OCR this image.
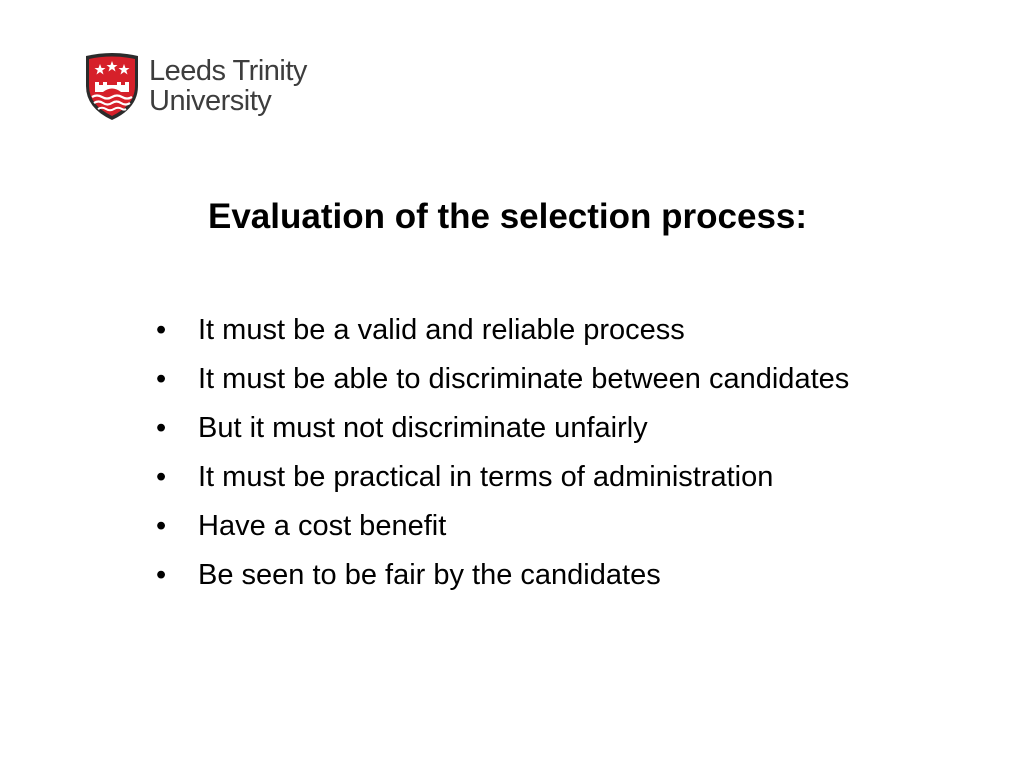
Leeds Trinity
University
Evaluation of the selection process:
•	It must be a valid and reliable process
•	It must be able to discriminate between candidates
•	But it must not discriminate unfairly
•	It must be practical in terms of administration
•	Have a cost benefit
•	Be seen to be fair by the candidates
